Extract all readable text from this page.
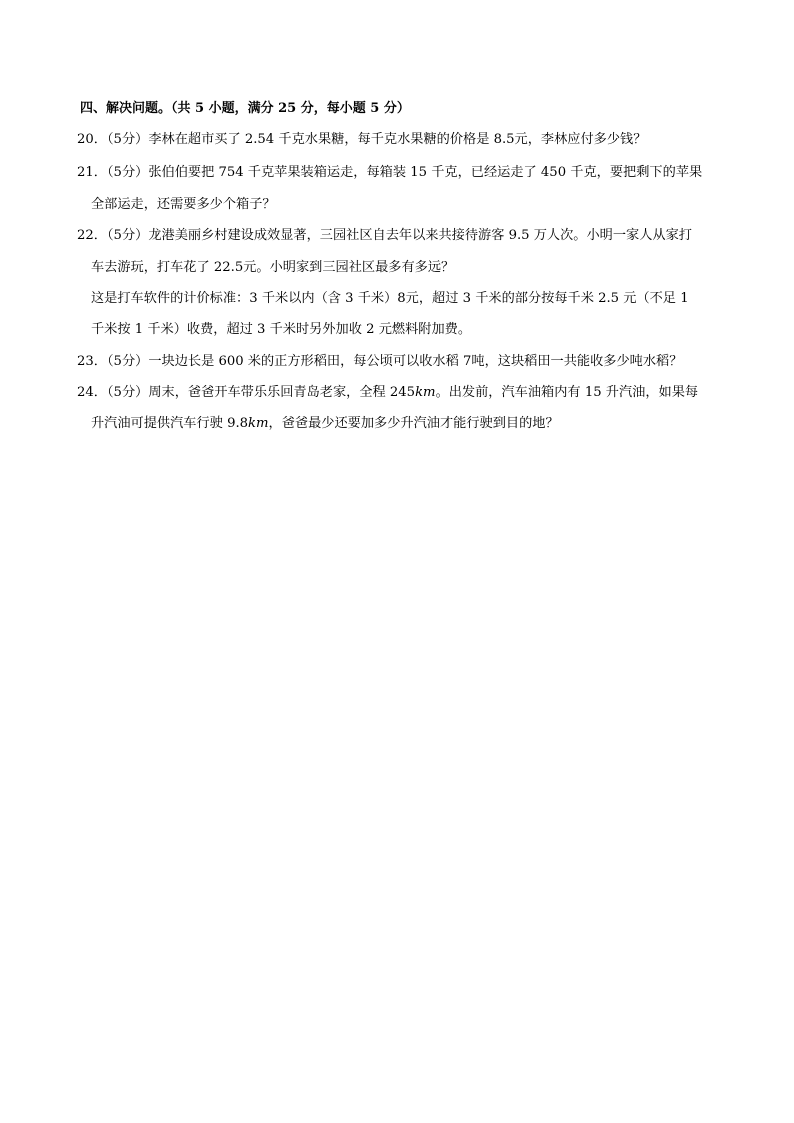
四、解决问题。（共 5 小题，满分 25 分，每小题 5 分）
20．（5分）李林在超市买了 2.54 千克水果糖，每千克水果糖的价格是 8.5元，李林应付多少钱？
21．（5分）张伯伯要把 754 千克苹果装箱运走，每箱装 15 千克，已经运走了 450 千克，要把剩下的苹果
全部运走，还需要多少个箱子？
22．（5分）龙港美丽乡村建设成效显著，三园社区自去年以来共接待游客 9.5 万人次。小明一家人从家打
车去游玩，打车花了 22.5元。小明家到三园社区最多有多远？
这是打车软件的计价标准：3 千米以内（含 3 千米）8元，超过 3 千米的部分按每千米 2.5 元（不足 1
千米按 1 千米）收费，超过 3 千米时另外加收 2 元燃料附加费。
23．（5分）一块边长是 600 米的正方形稻田，每公顷可以收水稻 7吨，这块稻田一共能收多少吨水稻？
24．（5分）周末，爸爸开车带乐乐回青岛老家，全程 245km。出发前，汽车油箱内有 15 升汽油，如果每
升汽油可提供汽车行驶 9.8km，爸爸最少还要加多少升汽油才能行驶到目的地？
